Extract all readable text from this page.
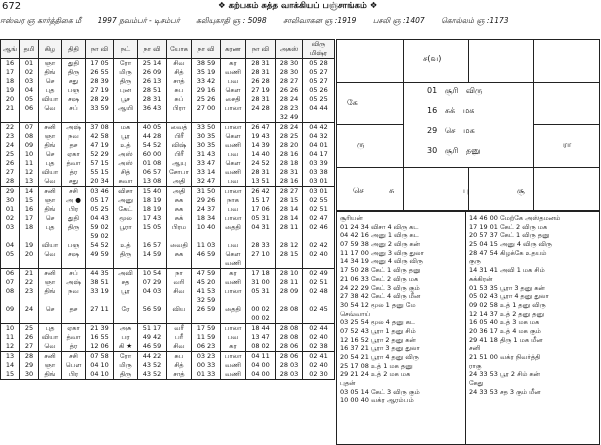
672	❖ கற்பகம் சுத்த வாக்கியப் பஞ்சாங்கம் ❖
ஈஸ்வர ஞ கார்த்திகை மீ 1997 நவம்பர் - டிசம்பர் கலியுகாதி ஞ : 5098 சாலிவாகன ஞ :1919 பசலி ஞ :1407 கொல்லம் ஞ :1173
ஆங்	தமி	கிழ	திதி	நா வி	நட்	நா வி	யோக	நா வி	கரண	நா வி	அகஸ்	விரு மிஷ்ர
16	01	ஞா	துதி	17 05	ரோ	25 14	சிவ	38 59	கர	28 31	28 30	05 28
17	02	திங்	திரு	26 55	மிரு	26 09	சித்	35 19	வணி	28 31	28 30	05 27
18	03	செ	சது	28 39	திரு	26 13	சாத்	33 42	பவ	26 28	28 27	05 27
19	04	புத	பஞ	27 19	புன	28 51	சுப	29 16	கௌ	27 19	26 26	05 26
20	05	வியா	சஷ	28 29	பூச	28 31	சுப்	25 26	சைதி	28 31	28 24	05 25
21	06	வெ	சப்	33 59	ஆயி	36 43	பிரா	27 00	பாலா	24 28	28 23	04 44
											32 49	
22	07	சனி	அஷ்	37 08	மக	40 05	வைத்	33 50	பாலா	26 47	28 24	04 42
23	08	ஞா	நவ	42 58	பூர	44 28	பிரீ	30 35	கௌ	19 43	28 25	04 32
24	09	திங்	தச	47 19	உத்	54 52	விஷ்	30 35	வணி	14 39	28 20	04 01
25	10	செ	ஏகா	52 29	அஸ்	60 00	பிரீ	31 43	பவ	14 40	28 16	04 17
26	11	புத	த்வா	57 15	அஸ்	01 08	ஆயு	33 47	கௌ	24 52	28 18	03 39
27	12	வியா	த்ர	55 15	சித்	06 57	சோபா	33 14	வணி	28 31	28 31	03 38
28	13	வெ	சது	20 34	சுவா	13 08	அதி	32 47	பவ	13 51	28 16	03 01
29	14	சனி	சசி	03 46	விசா	15 40	அதி	31 50	பாலா	26 42	28 27	03 01
30	15	ஞா	அ ●	05 17	அனு	18 19	சுக	29 26	நாக	15 17	28 15	02 55
01	16	திங்	பிர	05 25	கேட்	18 19	சுக	24 37	பவ	17 06	28 14	02 51
02	17	செ	துதி	04 43	மூல	17 43	சுக்	18 34	பாலா	05 31	28 14	02 47
03	18	புத	திரு	59 02	பூரா	15 05	பிரம	10 40	தைதி	04 31	28 11	02 46
				59 02								
04	19	வியா	பஞ	54 52	உத்	16 57	வைதி	11 03	பவ	28 33	28 12	02 42
05	20	வெ	சஷ	49 59	திரு	14 59	சுக	46 59	கௌ	27 10	28 15	02 40
									வணி			
06	21	சனி	சப்	44 35	அவி	10 54	நா	47 59	கர	17 18	28 10	02 49
07	22	ஞா	அஷ்	38 51	சத	07 29	வரி	45 20	வணி	31 00	28 11	02 51
08	23	திங்	நவ	33 19	பூர	04 03	சிவ	41 53	பாலா	05 31	28 09	02 48
								32 59				
09	24	செ	தச	27 11	ரே	56 59	விய	26 59	தைதி	00 02	28 08	02 45
										00 02		
10	25	புத	ஏகா	21 39	அசு	51 17	வரீ	17 59	பாலா	18 44	28 08	02 44
11	26	வியா	த்வா	16 55	பர	49 42	பரீ	11 59	பவ	13 47	28 08	02 40
12	27	வெ	த்ர	12 06	கி ★	46 59	சிவ	06 23	கர	08 02	28 06	02 38
13	28	சனி	சசி	07 58	ரோ	44 22	சுப	03 23	பாலா	04 11	28 06	02 41
14	29	ஞா	பெள	04 10	மிரு	43 52	சித்	00 33	வணி	04 00	28 03	02 40
15	30	திங்	பிர	04 10	திரு	43 52	சாத்	01 33	வணி	04 00	28 03	02 30

ச(வ)
கே
ரா
ரு
செ	சு	பு	சூ
01 சூரி விரு
16 சுக் மக
29 செ மக
30 சூரி தனு
சூரியன்
01 24 34 விசா 4 விரு கட
04 42 16 அனு 1 விரு கட
07 59 38 அனு 2 விரு கன்
11 17 00 அனு 3 விரு துலா
14 34 19 அனு 4 விரு விரு
17 50 28 கேட் 1 விரு தனு
21 06 33 கேட் 2 விரு மக
24 22 29 கேட் 3 விரு கும்
27 38 42 கேட் 4 விரு மீன
30 54 12 மூல 1 தனு மே
செவ்வாய்
03 25 54 மூல 4 தனு கட
07 52 43 பூரா 1 தனு சிம்
12 16 52 பூரா 2 தனு கன்
16 37 21 பூரா 3 தனு துலா
20 54 21 பூரா 4 தனு விரு
25 17 08 உத் 1 மக தனு
29 21 24 உத் 2 மக மக
புதன்
03 05 14 கேட் 3 விரு கும்
10 00 40 வக்ர ஆரம்பம்
14 46 00 மேற்கே அஸ்தமனம்
17 19 01 கேட் 2 விரு மக
20 57 37 கேட் 1 விரு தனு
25 04 15 அனு 4 விரு விரு
28 47 54 கிழக்கே உதயம்
குரு
14 31 41 அவி 1 மக சிம்
சுக்கிரன்
01 53 35 பூரா 3 தனு கன்
05 02 43 பூரா 4 தனு துலா
09 02 58 உத் 1 தனு விரு
12 14 37 உத் 2 தனு தனு
16 05 40 உத் 3 மக மக
20 36 17 உத் 4 மக கும்
29 41 18 திரு 1 மக மீன
சனி
21 51 00 வக்ர நிவர்த்தி
ராகு
24 33 53 பூர 2 சிம் கன்
கேது
24 33 53 சத 3 கும் மீன
